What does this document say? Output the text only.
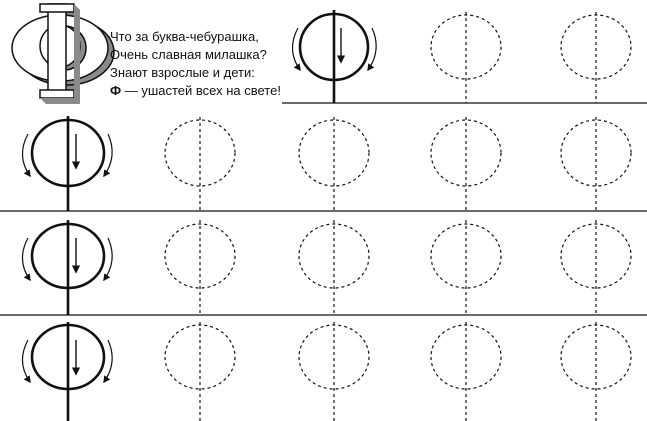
Что за буква-чебурашка,
Очень славная милашка?
Знают взрослые и дети:
Ф — ушастей всех на свете!
